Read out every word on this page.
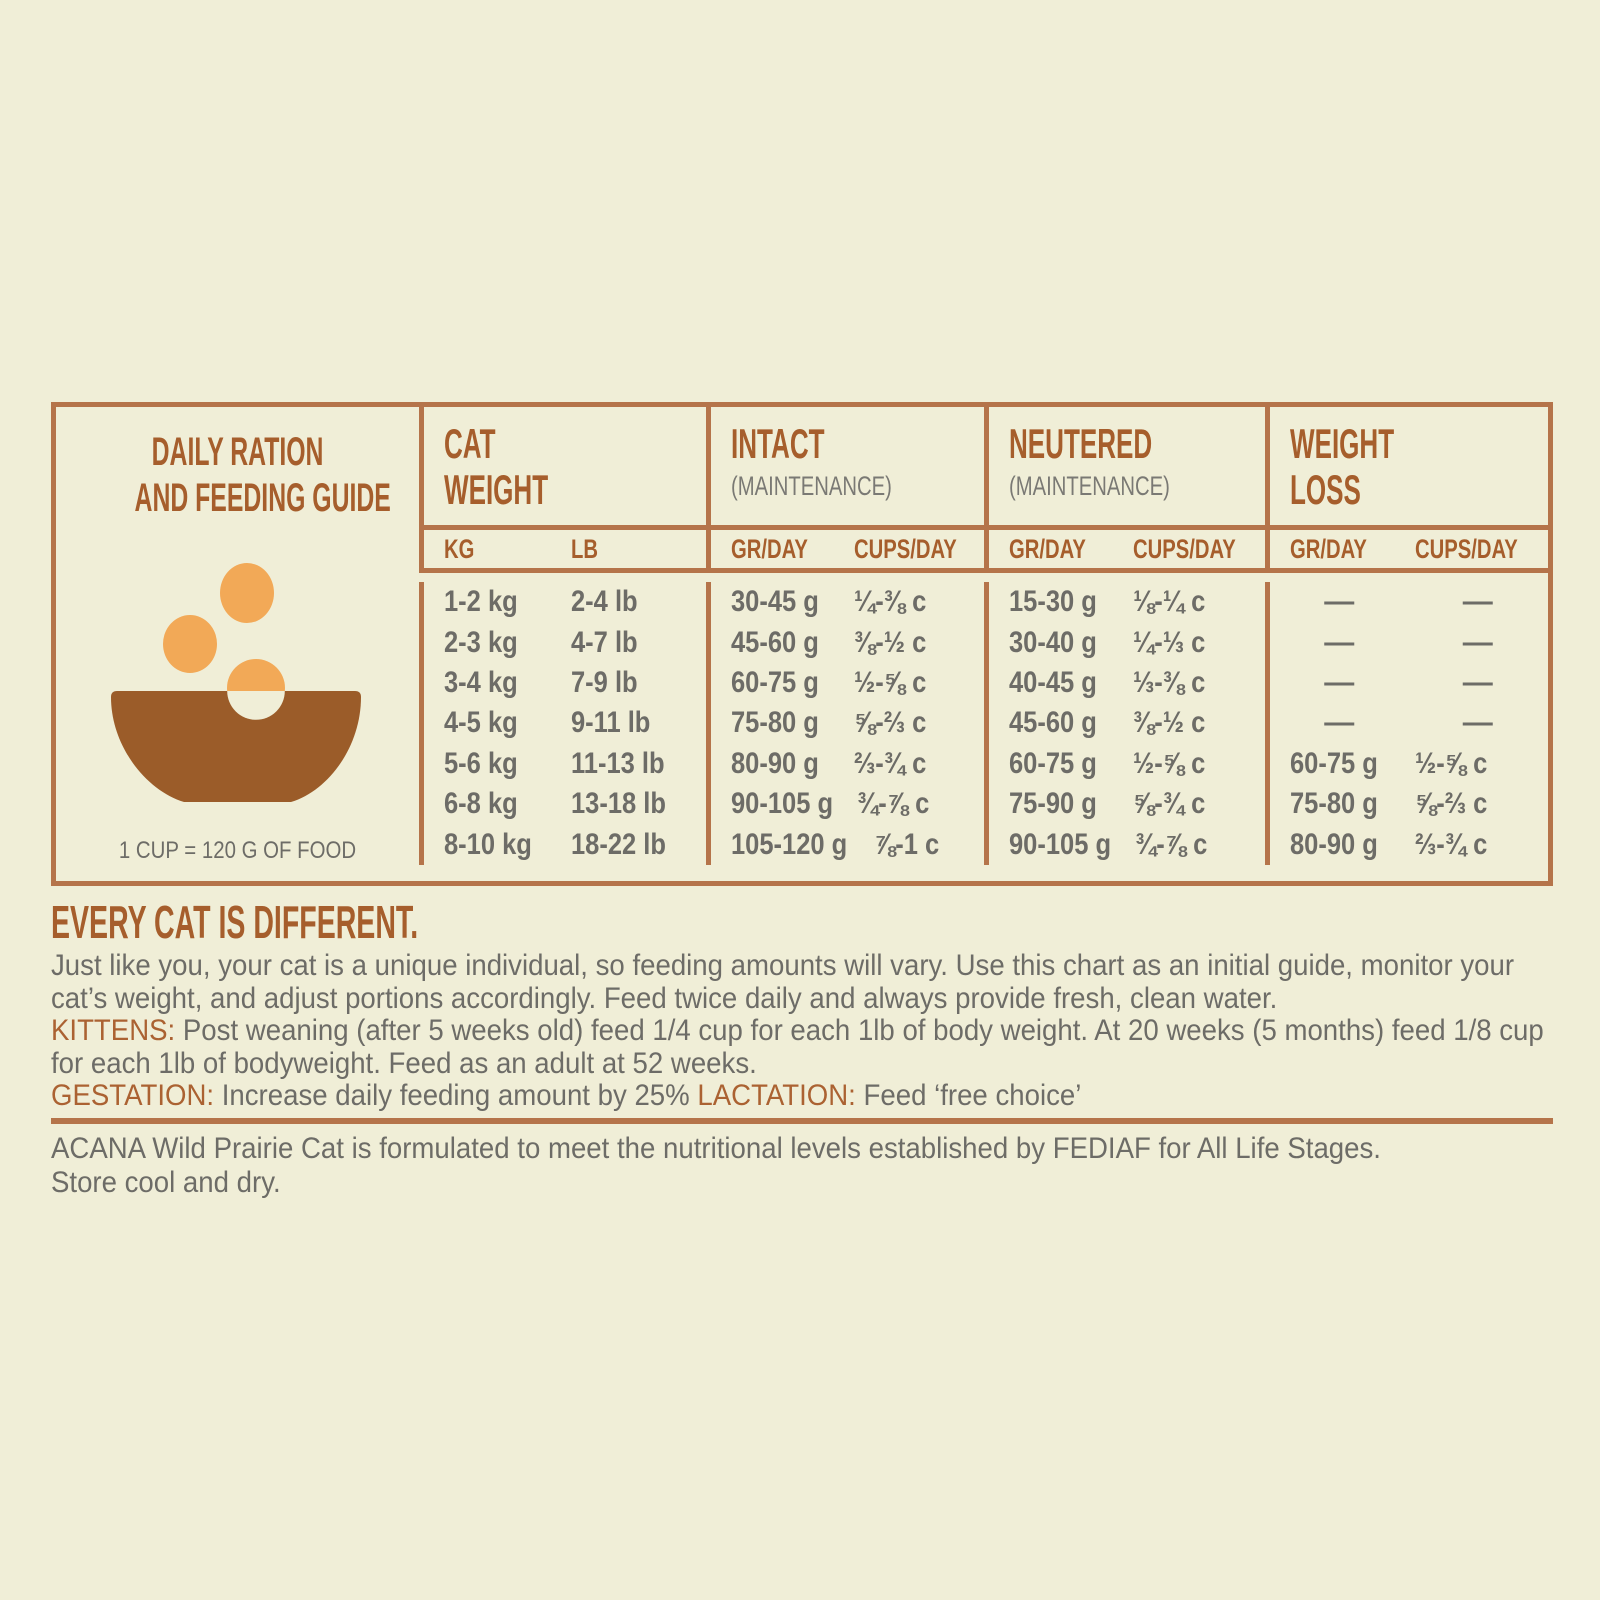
DAILY RATION
AND FEEDING GUIDE
1 CUP = 120 G OF FOOD
CAT
WEIGHT
INTACT
(MAINTENANCE)
NEUTERED
(MAINTENANCE)
WEIGHT
LOSS
KG	LB	GR/DAY CUPS/DAY GR/DAY CUPS/DAY GR/DAY CUPS/DAY
1-2 kg 2-4 lb	30-45 g ¼-⅜ c	15-30 g ⅛-¼ c	—	—
2-3 kg 4-7 lb	45-60 g ⅜-½ c	30-40 g ¼-⅓ c	—	—
3-4 kg 7-9 lb	60-75 g ½-⅝ c	40-45 g ⅓-⅜ c	—	—
4-5 kg 9-11 lb	75-80 g ⅝-⅔ c	45-60 g ⅜-½ c	—	—
5-6 kg 11-13 lb 80-90 g ⅔-¾ c	60-75 g ½-⅝ c	60-75 g ½-⅝ c
6-8 kg 13-18 lb 90-105 g ¾-⅞ c	75-90 g ⅝-¾ c	75-80 g ⅝-⅔ c
8-10 kg 18-22 lb 105-120 g ⅞-1 c 90-105 g ¾-⅞ c	80-90 g ⅔-¾ c
EVERY CAT IS DIFFERENT.

Just like you, your cat is a unique individual, so feeding amounts will vary. Use this chart as an initial guide, monitor your cat’s weight, and adjust portions accordingly. Feed twice daily and always provide fresh, clean water.

KITTENS: Post weaning (after 5 weeks old) feed 1/4 cup for each 1lb of body weight. At 20 weeks (5 months) feed 1/8 cup for each 1lb of bodyweight. Feed as an adult at 52 weeks.

GESTATION: Increase daily feeding amount by 25% LACTATION: Feed ‘free choice’

ACANA Wild Prairie Cat is formulated to meet the nutritional levels established by FEDIAF for All Life Stages.

Store cool and dry.
